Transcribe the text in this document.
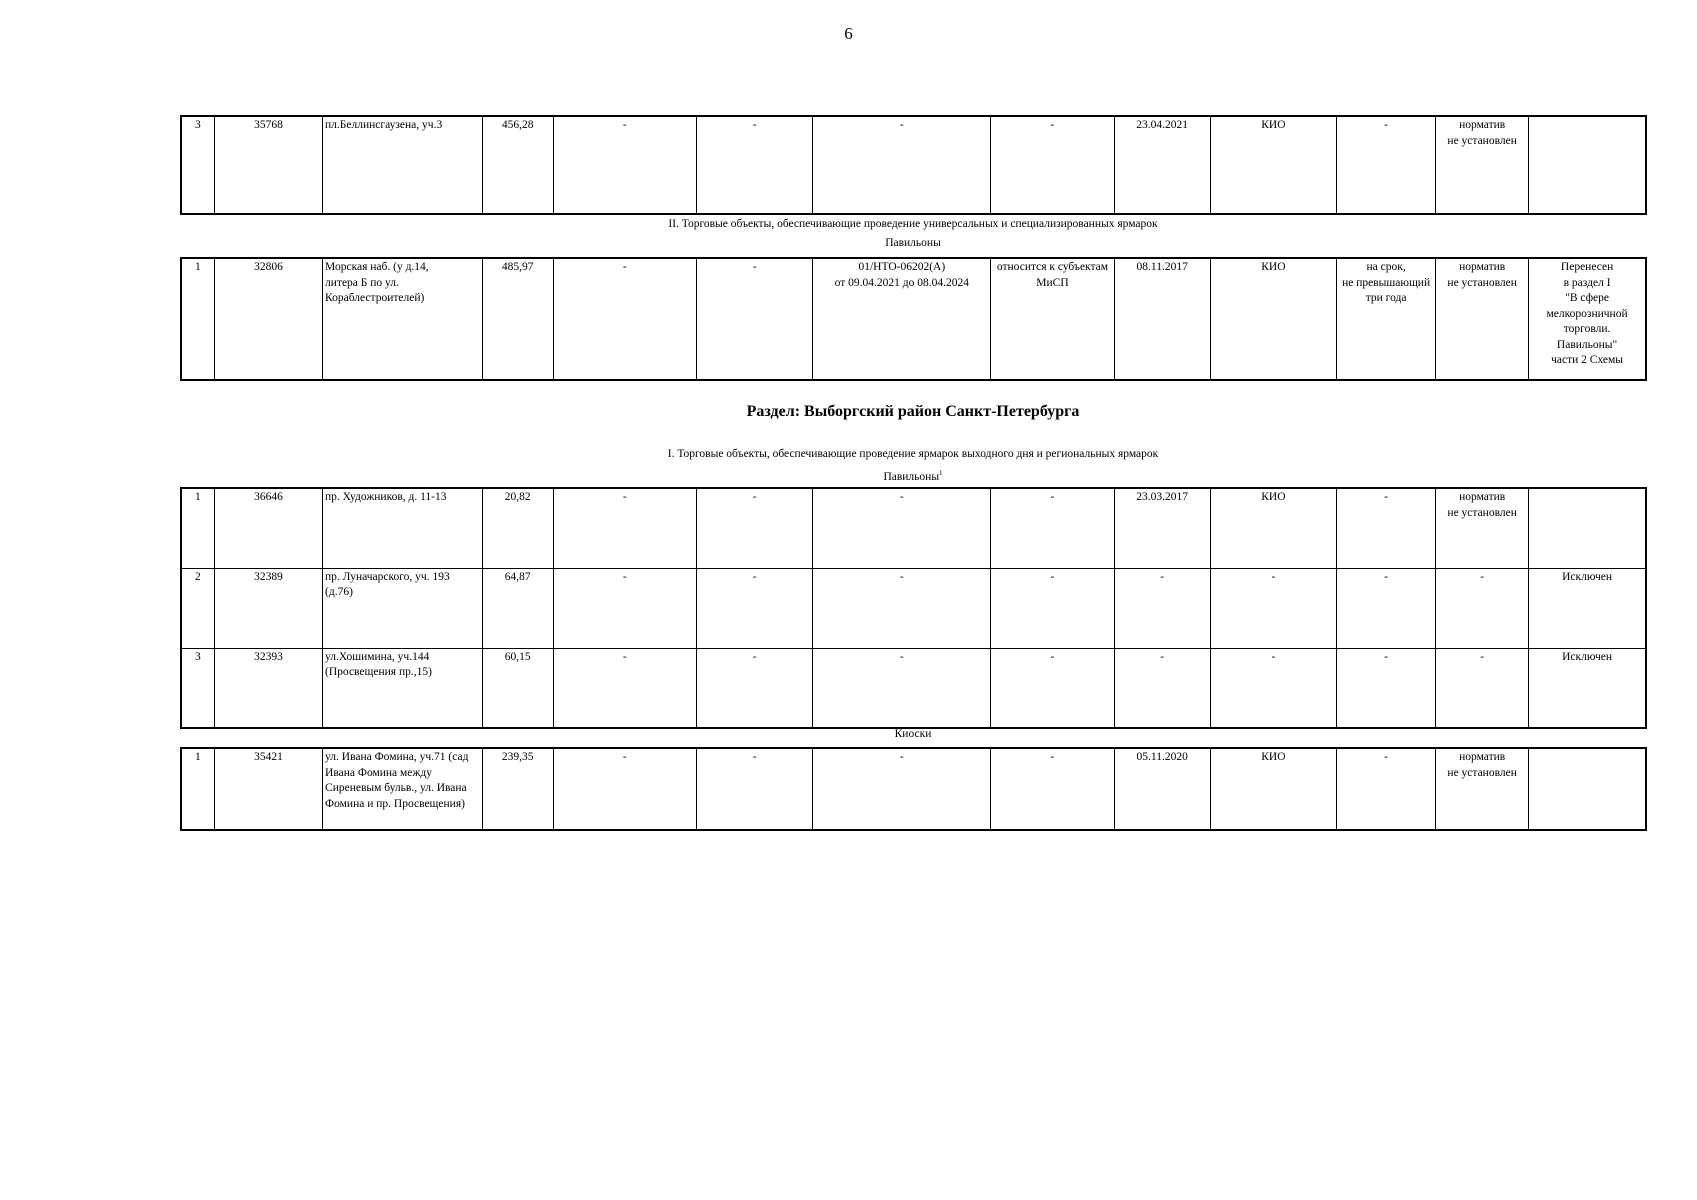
6
3	35768	пл.Беллинсгаузена, уч.3	456,28	-	-	-	-	23.04.2021	КИО	-	норматив
не установлен	
II. Торговые объекты, обеспечивающие проведение универсальных и специализированных ярмарок
Павильоны
1	32806	Морская наб. (у д.14,
литера Б по ул.
Кораблестроителей)	485,97	-	-	01/НТО-06202(А)
от 09.04.2021 до 08.04.2024	относится к субъектам
МиСП	08.11.2017	КИО	на срок,
не превышающий
три года	норматив
не установлен	Перенесен
в раздел I
"В сфере
мелкорозничной
торговли.
Павильоны"
части 2 Схемы
Раздел: Выборгский район Санкт-Петербурга
I. Торговые объекты, обеспечивающие проведение ярмарок выходного дня и региональных ярмарок
Павильоны$^1$
1	36646	пр. Художников, д. 11-13	20,82	-	-	-	-	23.03.2017	КИО	-	норматив
не установлен	
2	32389	пр. Луначарского, уч. 193
(д.76)	64,87	-	-	-	-	-	-	-	-	Исключен
3	32393	ул.Хошимина, уч.144
(Просвещения пр.,15)	60,15	-	-	-	-	-	-	-	-	Исключен
Киоски
1	35421	ул. Ивана Фомина, уч.71 (сад
Ивана Фомина между
Сиреневым бульв., ул. Ивана
Фомина и пр. Просвещения)	239,35	-	-	-	-	05.11.2020	КИО	-	норматив
не установлен	
